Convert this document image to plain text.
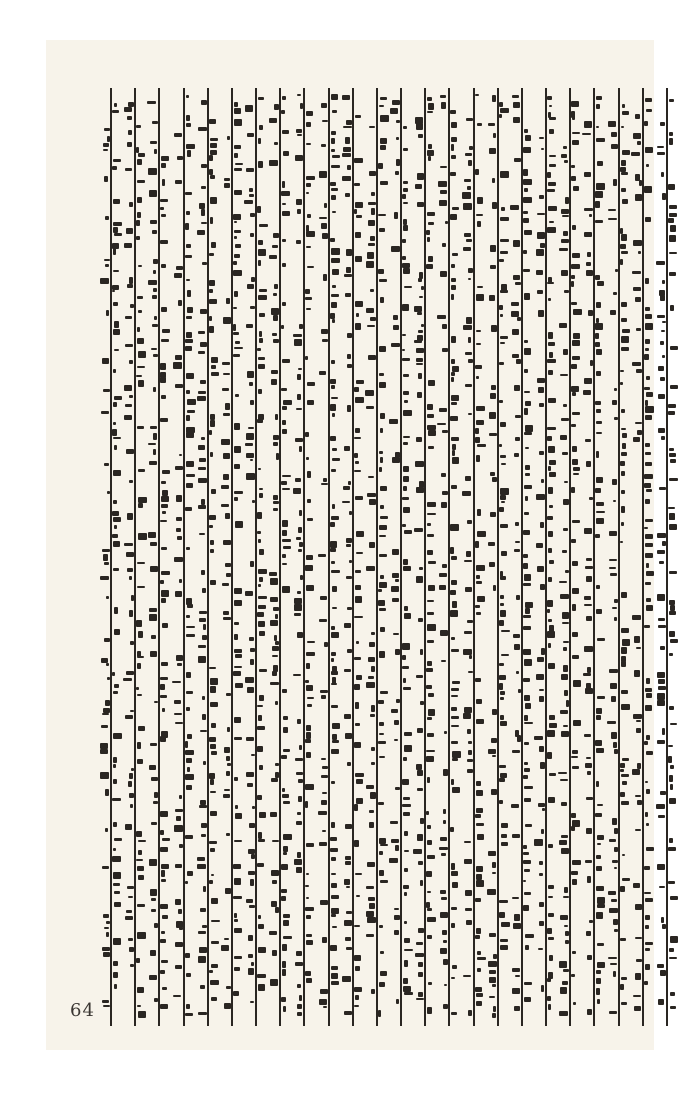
64
